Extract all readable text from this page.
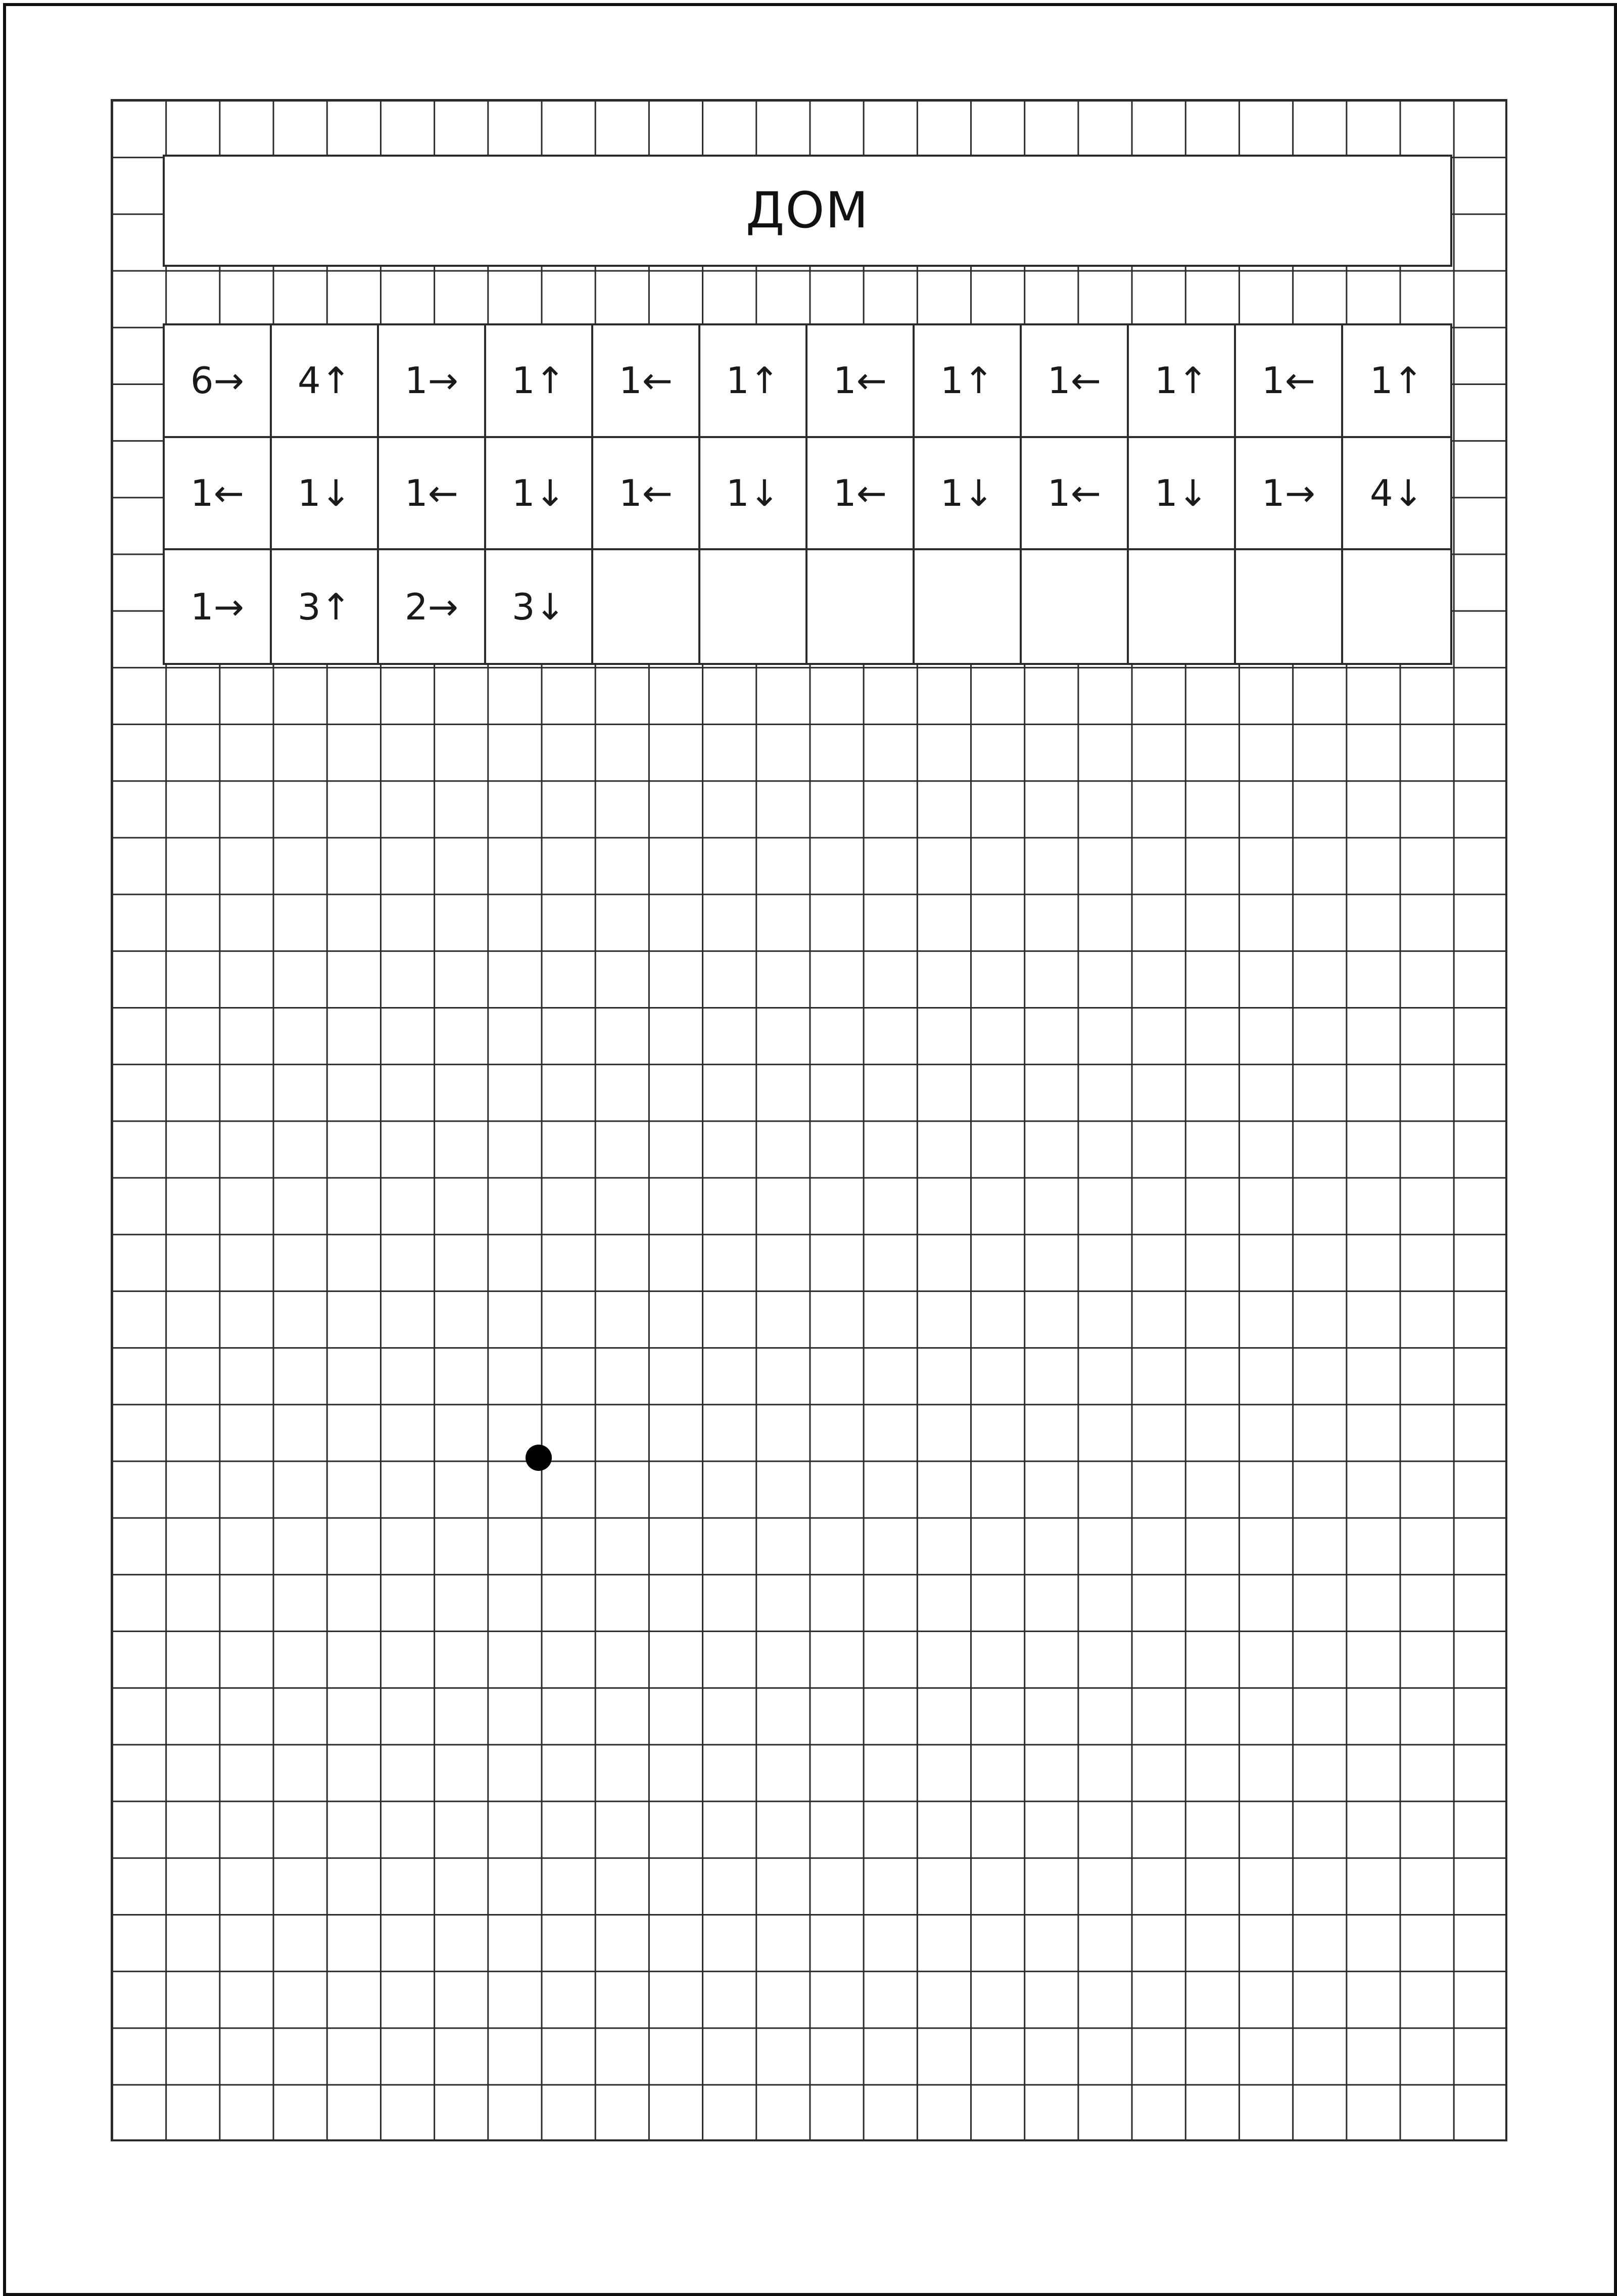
ДОМ
6→	4↑	1→	1↑	1←	1↑	1←	1↑	1←	1↑	1←	1↑
1←	1↓	1←	1↓	1←	1↓	1←	1↓	1←	1↓	1→	4↓
1→	3↑	2→	3↓
